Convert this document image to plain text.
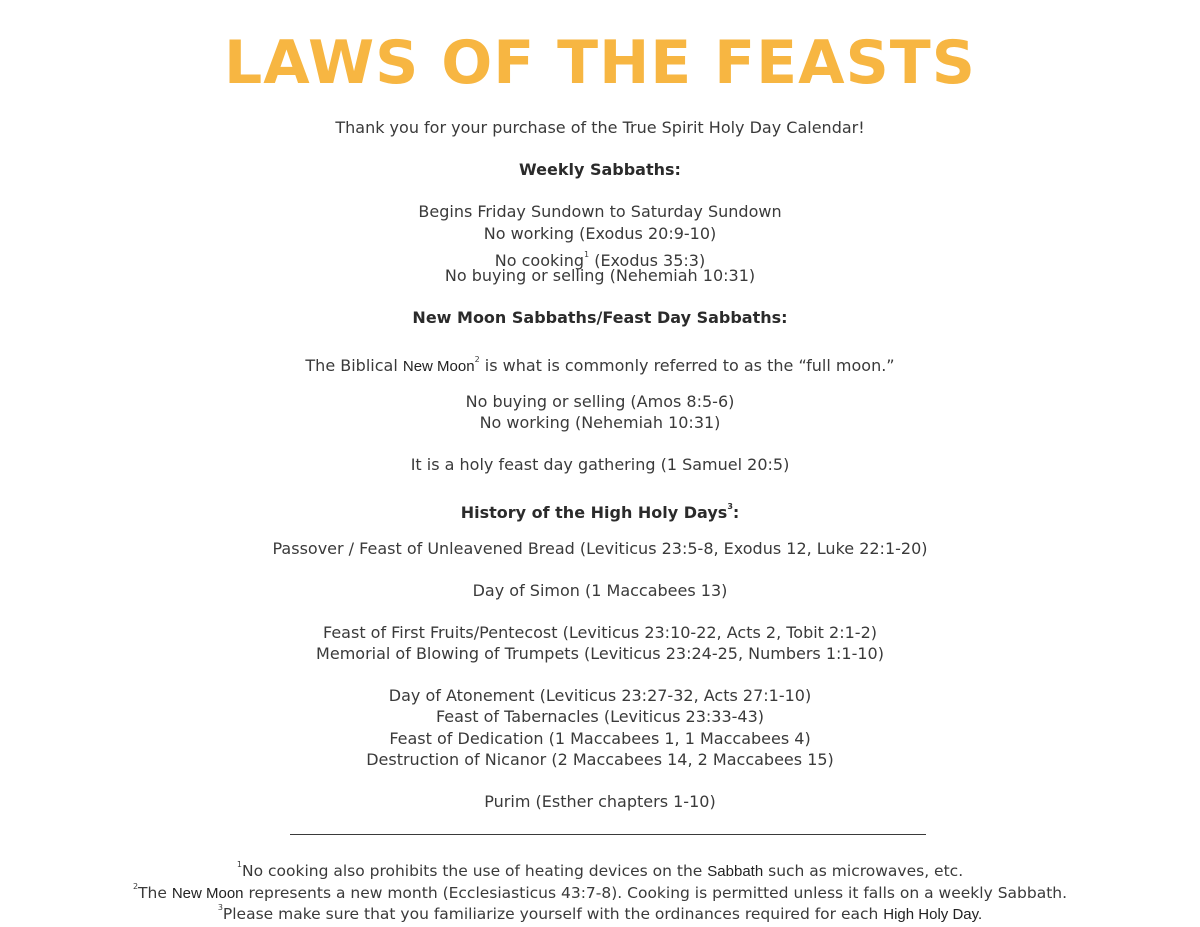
LAWS OF THE FEASTS
Thank you for your purchase of the True Spirit Holy Day Calendar!
Weekly Sabbaths:
Begins Friday Sundown to Saturday Sundown
No working (Exodus 20:9-10)
No cooking$^1$ (Exodus 35:3)
No buying or selling (Nehemiah 10:31)
New Moon Sabbaths/Feast Day Sabbaths:
The Biblical New Moon$^2$ is what is commonly referred to as the “full moon.”
No buying or selling (Amos 8:5-6)
No working (Nehemiah 10:31)
It is a holy feast day gathering (1 Samuel 20:5)
History of the High Holy Days$^3$:
Passover / Feast of Unleavened Bread (Leviticus 23:5-8, Exodus 12, Luke 22:1-20)
Day of Simon (1 Maccabees 13)
Feast of First Fruits/Pentecost (Leviticus 23:10-22, Acts 2, Tobit 2:1-2)
Memorial of Blowing of Trumpets (Leviticus 23:24-25, Numbers 1:1-10)
Day of Atonement (Leviticus 23:27-32, Acts 27:1-10)
Feast of Tabernacles (Leviticus 23:33-43)
Feast of Dedication (1 Maccabees 1, 1 Maccabees 4)
Destruction of Nicanor (2 Maccabees 14, 2 Maccabees 15)
Purim (Esther chapters 1-10)
$^1$No cooking also prohibits the use of heating devices on the Sabbath such as microwaves, etc.
$^2$The New Moon represents a new month (Ecclesiasticus 43:7-8). Cooking is permitted unless it falls on a weekly Sabbath.
$^3$Please make sure that you familiarize yourself with the ordinances required for each High Holy Day.
